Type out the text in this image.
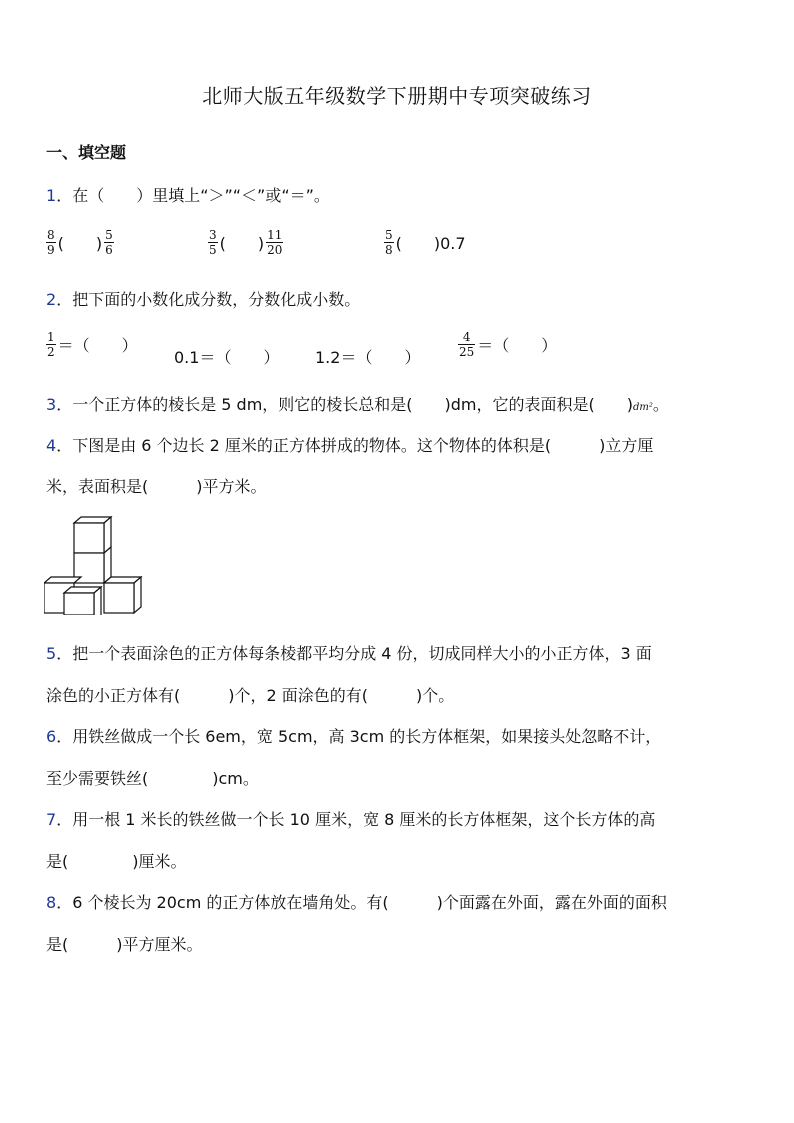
北师大版五年级数学下册期中专项突破练习
一、填空题
1．在（　　）里填上“＞”“＜”或“＝”。
$\frac{8}{9}$ (　　) $\frac{5}{6}$	$\frac{3}{5}$ (　　) $\frac{11}{20}$	$\frac{5}{8}$ (　　)0.7
2．把下面的小数化成分数，分数化成小数。
$\frac{1}{2}$ ＝（　　）
0.1＝（　　） 1.2＝（　　）	$\frac{4}{25}$ ＝（　　）
3．一个正方体的棱长是 5 dm，则它的棱长总和是(　　)dm，它的表面积是(　　)dm²。
4．下图是由 6 个边长 2 厘米的正方体拼成的物体。这个物体的体积是(　　　)立方厘
米，表面积是(　　　)平方米。
5．把一个表面涂色的正方体每条棱都平均分成 4 份，切成同样大小的小正方体，3 面
涂色的小正方体有(　　　)个，2 面涂色的有(　　　)个。
6．用铁丝做成一个长 6em，宽 5cm，高 3cm 的长方体框架，如果接头处忽略不计，
至少需要铁丝(　　　　)cm。
7．用一根 1 米长的铁丝做一个长 10 厘米，宽 8 厘米的长方体框架，这个长方体的高
是(　　　　)厘米。
8．6 个棱长为 20cm 的正方体放在墙角处。有(　　　)个面露在外面，露在外面的面积
是(　　　)平方厘米。
